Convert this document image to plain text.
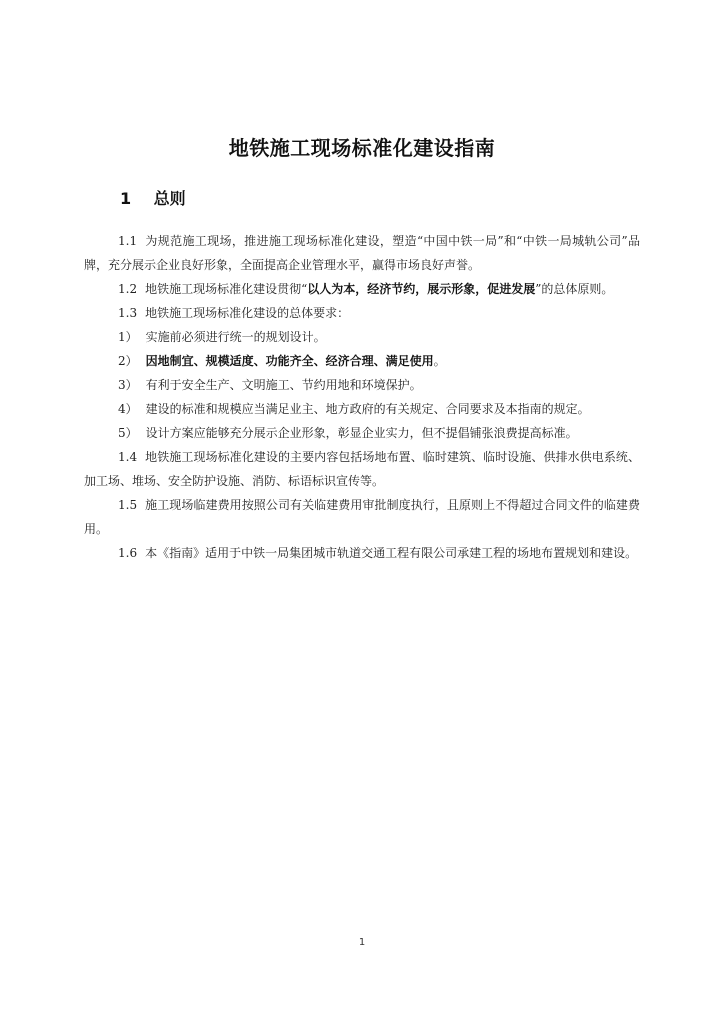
地铁施工现场标准化建设指南
1 总则

1.1 为规范施工现场，推进施工现场标准化建设，塑造“中国中铁一局”和“中铁一局城轨公司”品牌，充分展示企业良好形象，全面提高企业管理水平，赢得市场良好声誉。

1.2 地铁施工现场标准化建设贯彻“以人为本，经济节约，展示形象，促进发展”的总体原则。

1.3 地铁施工现场标准化建设的总体要求：

1） 实施前必须进行统一的规划设计。

2） 因地制宜、规模适度、功能齐全、经济合理、满足使用。

3） 有利于安全生产、文明施工、节约用地和环境保护。

4） 建设的标准和规模应当满足业主、地方政府的有关规定、合同要求及本指南的规定。

5） 设计方案应能够充分展示企业形象，彰显企业实力，但不提倡铺张浪费提高标准。

1.4 地铁施工现场标准化建设的主要内容包括场地布置、临时建筑、临时设施、供排水供电系统、加工场、堆场、安全防护设施、消防、标语标识宣传等。

1.5 施工现场临建费用按照公司有关临建费用审批制度执行，且原则上不得超过合同文件的临建费用。

1.6 本《指南》适用于中铁一局集团城市轨道交通工程有限公司承建工程的场地布置规划和建设。

1
